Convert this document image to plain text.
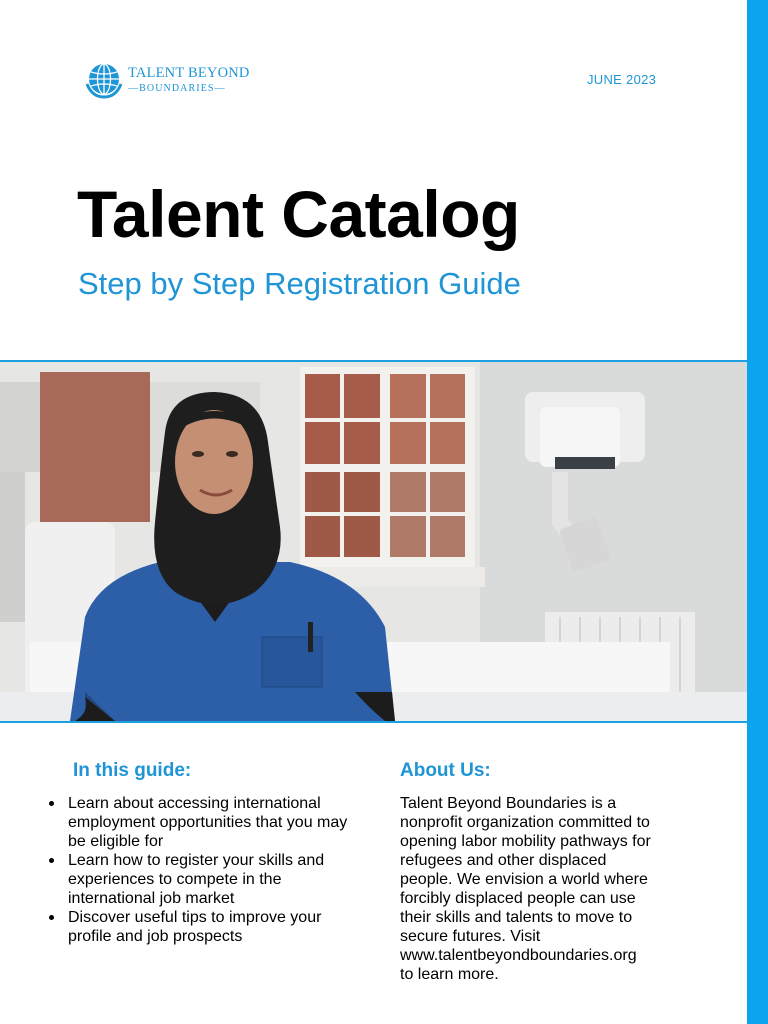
TALENT BEYOND
—BOUNDARIES—
JUNE 2023
Talent Catalog
Step by Step Registration Guide
In this guide:
Learn about accessing international employment opportunities that you may be eligible for
Learn how to register your skills and experiences to compete in the international job market
Discover useful tips to improve your profile and job prospects
About Us:

Talent Beyond Boundaries is a
nonprofit organization committed to
opening labor mobility pathways for
refugees and other displaced
people. We envision a world where
forcibly displaced people can use
their skills and talents to move to
secure futures. Visit
www.talentbeyondboundaries.org
to learn more.
